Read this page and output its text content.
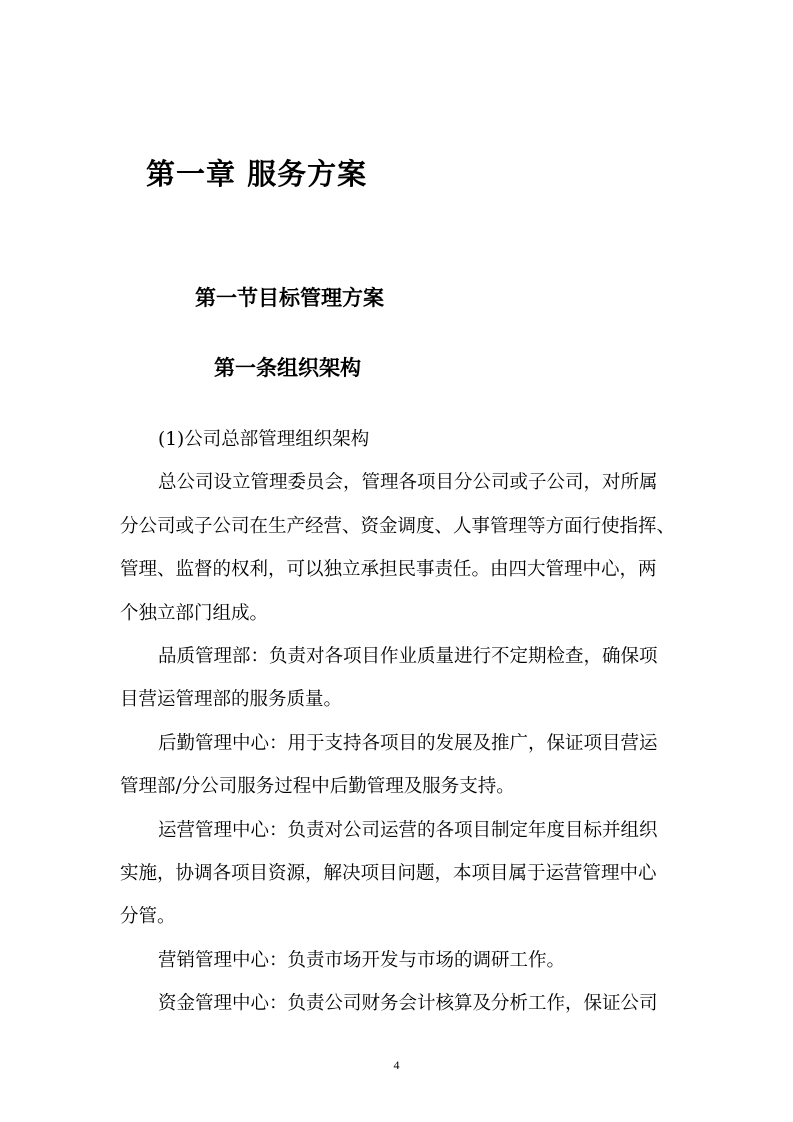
第一章 服务方案
第一节目标管理方案
第一条组织架构
(1)公司总部管理组织架构
总公司设立管理委员会，管理各项目分公司或子公司，对所属
分公司或子公司在生产经营、资金调度、人事管理等方面行使指挥、
管理、监督的权利，可以独立承担民事责任。由四大管理中心，两
个独立部门组成。
品质管理部：负责对各项目作业质量进行不定期检查，确保项
目营运管理部的服务质量。
后勤管理中心：用于支持各项目的发展及推广，保证项目营运
管理部/分公司服务过程中后勤管理及服务支持。
运营管理中心：负责对公司运营的各项目制定年度目标并组织
实施，协调各项目资源，解决项目问题，本项目属于运营管理中心
分管。
营销管理中心：负责市场开发与市场的调研工作。
资金管理中心：负责公司财务会计核算及分析工作，保证公司
4
